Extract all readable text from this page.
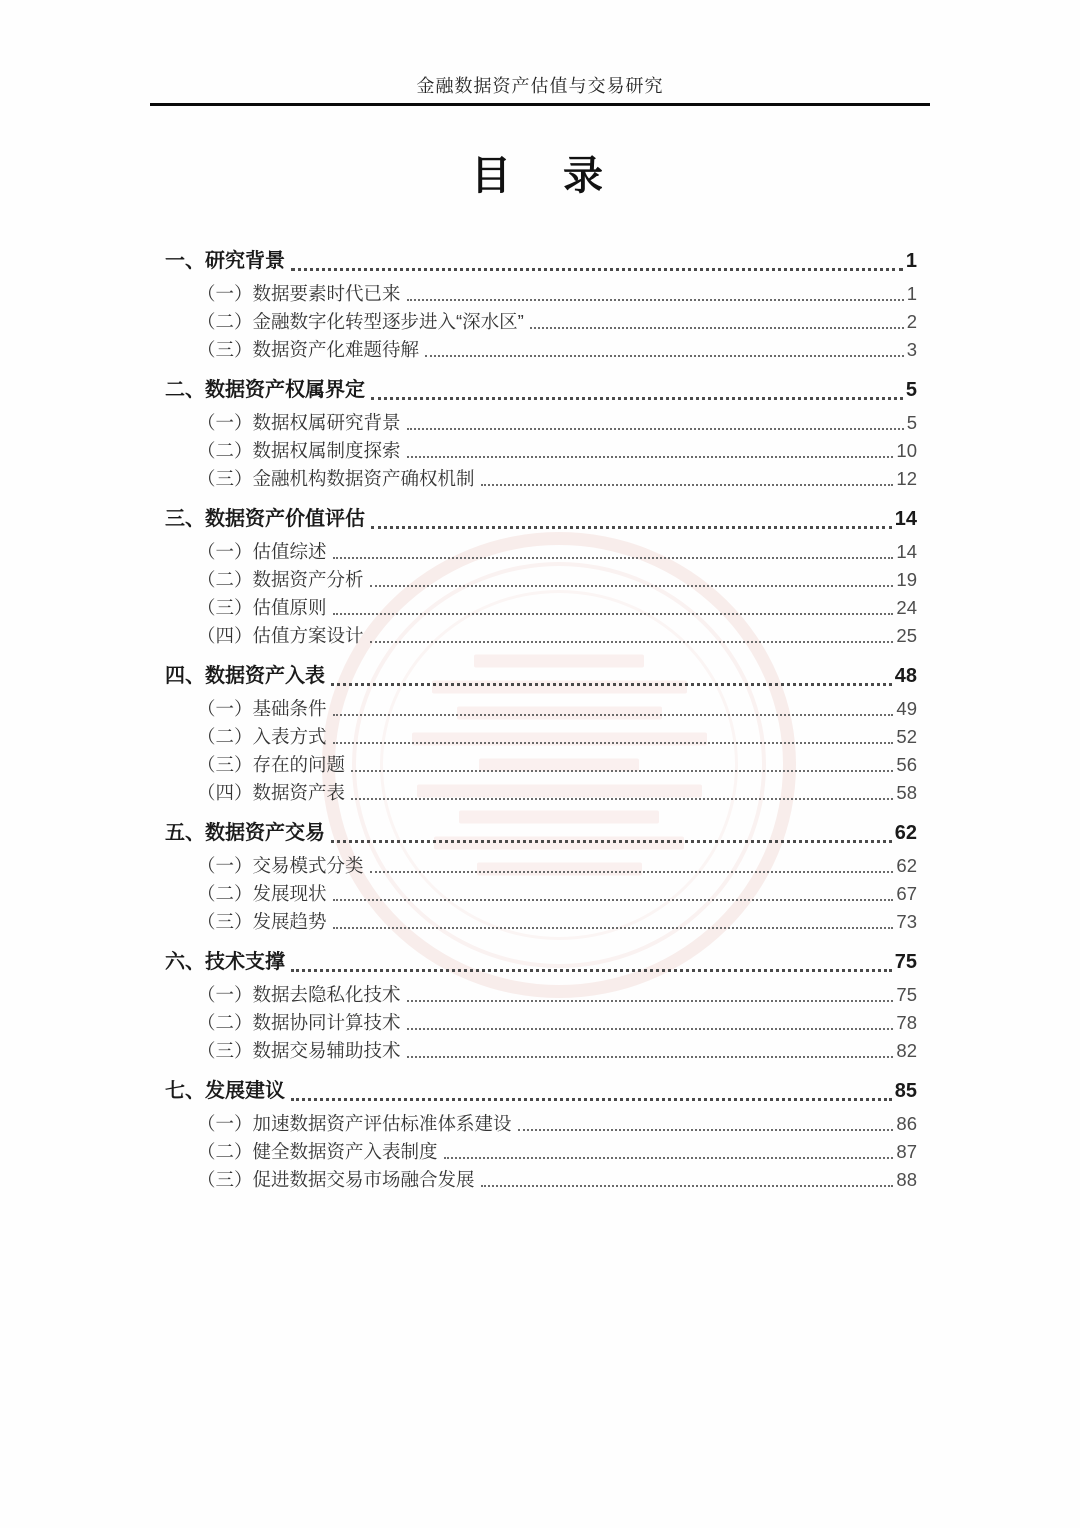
金融数据资产估值与交易研究
目　录
一、研究背景	1
（一）数据要素时代已来	1
（二）金融数字化转型逐步进入“深水区”	2
（三）数据资产化难题待解	3
二、数据资产权属界定	5
（一）数据权属研究背景	5
（二）数据权属制度探索	10
（三）金融机构数据资产确权机制	12
三、数据资产价值评估	14
（一）估值综述	14
（二）数据资产分析	19
（三）估值原则	24
（四）估值方案设计	25
四、数据资产入表	48
（一）基础条件	49
（二）入表方式	52
（三）存在的问题	56
（四）数据资产表	58
五、数据资产交易	62
（一）交易模式分类	62
（二）发展现状	67
（三）发展趋势	73
六、技术支撑	75
（一）数据去隐私化技术	75
（二）数据协同计算技术	78
（三）数据交易辅助技术	82
七、发展建议	85
（一）加速数据资产评估标准体系建设	86
（二）健全数据资产入表制度	87
（三）促进数据交易市场融合发展	88
